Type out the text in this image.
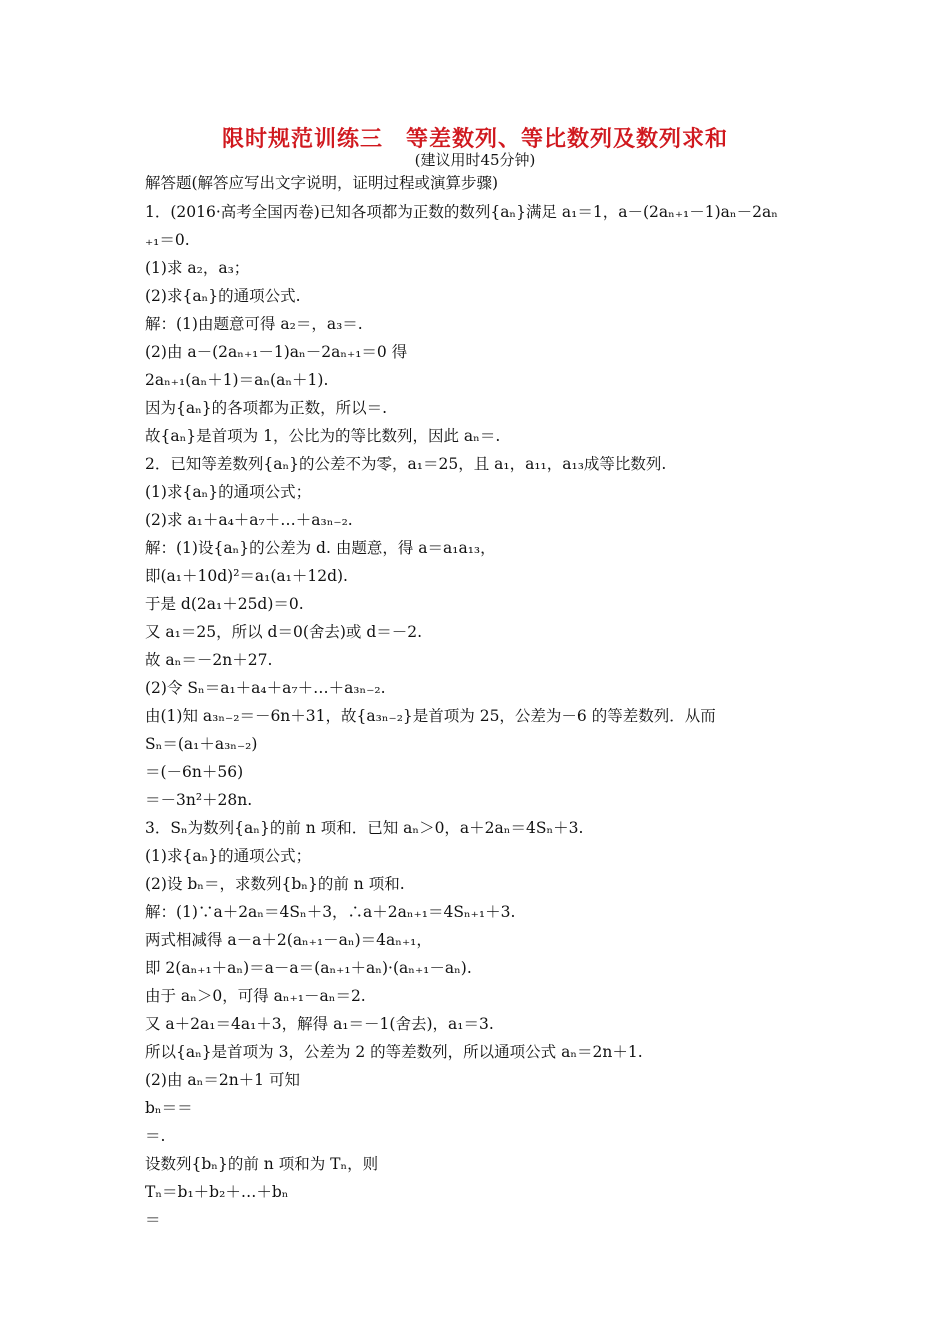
限时规范训练三　等差数列、等比数列及数列求和
(建议用时45分钟)
解答题(解答应写出文字说明，证明过程或演算步骤)
1．(2016·高考全国丙卷)已知各项都为正数的数列{aₙ}满足 a₁＝1，a－(2aₙ₊₁－1)aₙ－2aₙ
₊₁＝0.
(1)求 a₂，a₃；
(2)求{aₙ}的通项公式.
解：(1)由题意可得 a₂＝，a₃＝.
(2)由 a－(2aₙ₊₁－1)aₙ－2aₙ₊₁＝0 得
2aₙ₊₁(aₙ＋1)＝aₙ(aₙ＋1).
因为{aₙ}的各项都为正数，所以＝.
故{aₙ}是首项为 1，公比为的等比数列，因此 aₙ＝.
2．已知等差数列{aₙ}的公差不为零，a₁＝25，且 a₁，a₁₁，a₁₃成等比数列.
(1)求{aₙ}的通项公式；
(2)求 a₁＋a₄＋a₇＋…＋a₃ₙ₋₂.
解：(1)设{aₙ}的公差为 d. 由题意，得 a＝a₁a₁₃，
即(a₁＋10d)²＝a₁(a₁＋12d).
于是 d(2a₁＋25d)＝0.
又 a₁＝25，所以 d＝0(舍去)或 d＝－2.
故 aₙ＝－2n＋27.
(2)令 Sₙ＝a₁＋a₄＋a₇＋…＋a₃ₙ₋₂.
由(1)知 a₃ₙ₋₂＝－6n＋31，故{a₃ₙ₋₂}是首项为 25，公差为－6 的等差数列．从而
Sₙ＝(a₁＋a₃ₙ₋₂)
＝(－6n＋56)
＝－3n²＋28n.
3．Sₙ为数列{aₙ}的前 n 项和．已知 aₙ＞0，a＋2aₙ＝4Sₙ＋3.
(1)求{aₙ}的通项公式；
(2)设 bₙ＝，求数列{bₙ}的前 n 项和.
解：(1)∵a＋2aₙ＝4Sₙ＋3，∴a＋2aₙ₊₁＝4Sₙ₊₁＋3.
两式相减得 a－a＋2(aₙ₊₁－aₙ)＝4aₙ₊₁，
即 2(aₙ₊₁＋aₙ)＝a－a＝(aₙ₊₁＋aₙ)·(aₙ₊₁－aₙ).
由于 aₙ＞0，可得 aₙ₊₁－aₙ＝2.
又 a＋2a₁＝4a₁＋3，解得 a₁＝－1(舍去)，a₁＝3.
所以{aₙ}是首项为 3，公差为 2 的等差数列，所以通项公式 aₙ＝2n＋1.
(2)由 aₙ＝2n＋1 可知
bₙ＝＝
＝.
设数列{bₙ}的前 n 项和为 Tₙ，则
Tₙ＝b₁＋b₂＋…＋bₙ
＝
